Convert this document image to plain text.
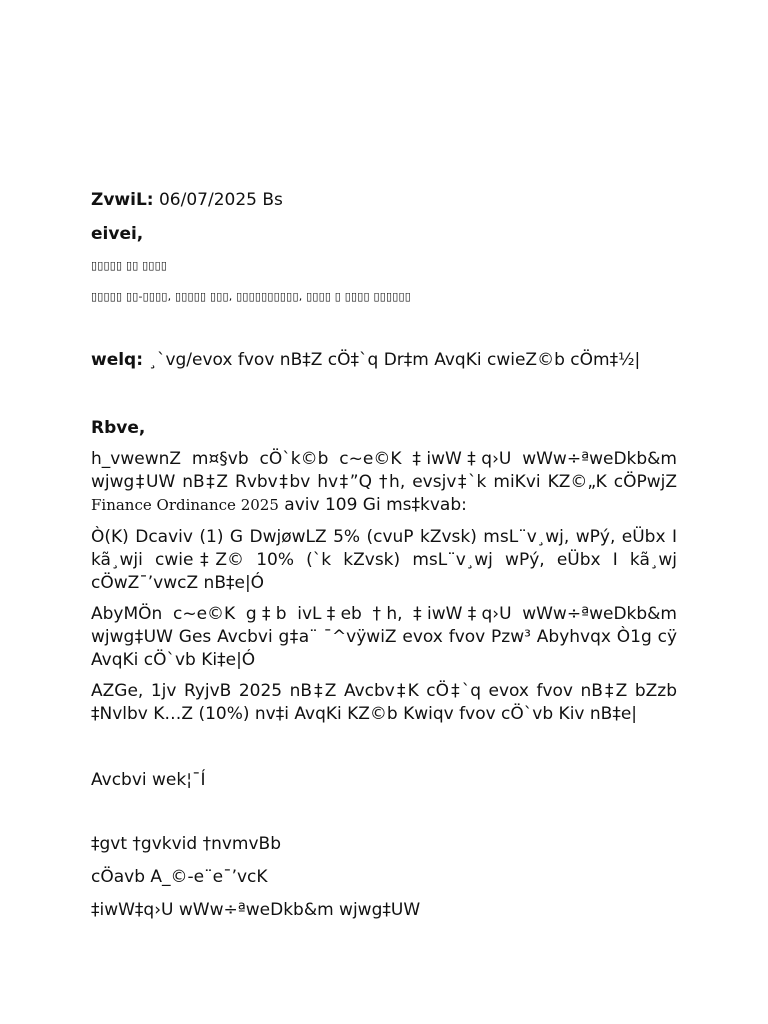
ZvwiL: 06/07/2025 Bs
eivei,
▯▯▯▯▯ ▯▯ ▯▯▯▯
▯▯▯▯▯ ▯▯-▯▯▯▯, ▯▯▯▯▯ ▯▯▯, ▯▯▯▯▯▯▯▯▯▯, ▯▯▯▯ ▯ ▯▯▯▯ ▯▯▯▯▯▯
welq: ¸`vg/evox fvov nB‡Z cÖ‡`q Dr‡m AvqKi cwieZ©b cÖm‡½|
Rbve,
h_vwewnZ m¤§vb cÖ`k©b c~e©K ‡iwW‡q›U wWw÷ªweDkb&m wjwg‡UW nB‡Z Rvbv‡bv hv‡”Q †h, evsjv‡`k miKvi KZ©„K cÖPwjZ Finance Ordinance 2025 aviv 109 Gi ms‡kvab:
Ò(K) Dcaviv (1) G DwjøwLZ 5% (cvuP kZvsk) msL¨v¸wj, wPý, eÜbx I kã¸wji cwie‡Z© 10% (`k kZvsk) msL¨v¸wj wPý, eÜbx I kã¸wj cÖwZ¯’vwcZ nB‡e|Ó
AbyMÖn c~e©K g‡b ivL‡eb †h, ‡iwW‡q›U wWw÷ªweDkb&m wjwg‡UW Ges Avcbvi g‡a¨ ¯^vÿwiZ evox fvov Pzw³ Abyhvqx Ò1g cÿ AvqKi cÖ`vb Ki‡e|Ó
AZGe, 1jv RyjvB 2025 nB‡Z Avcbv‡K cÖ‡`q evox fvov nB‡Z bZzb ‡Nvlbv K…Z (10%) nv‡i AvqKi KZ©b Kwiqv fvov cÖ`vb Kiv nB‡e|
Avcbvi wek¦¯Í
‡gvt †gvkvid †nvmvBb
cÖavb A_©-e¨e¯’vcK
‡iwW‡q›U wWw÷ªweDkb&m wjwg‡UW
